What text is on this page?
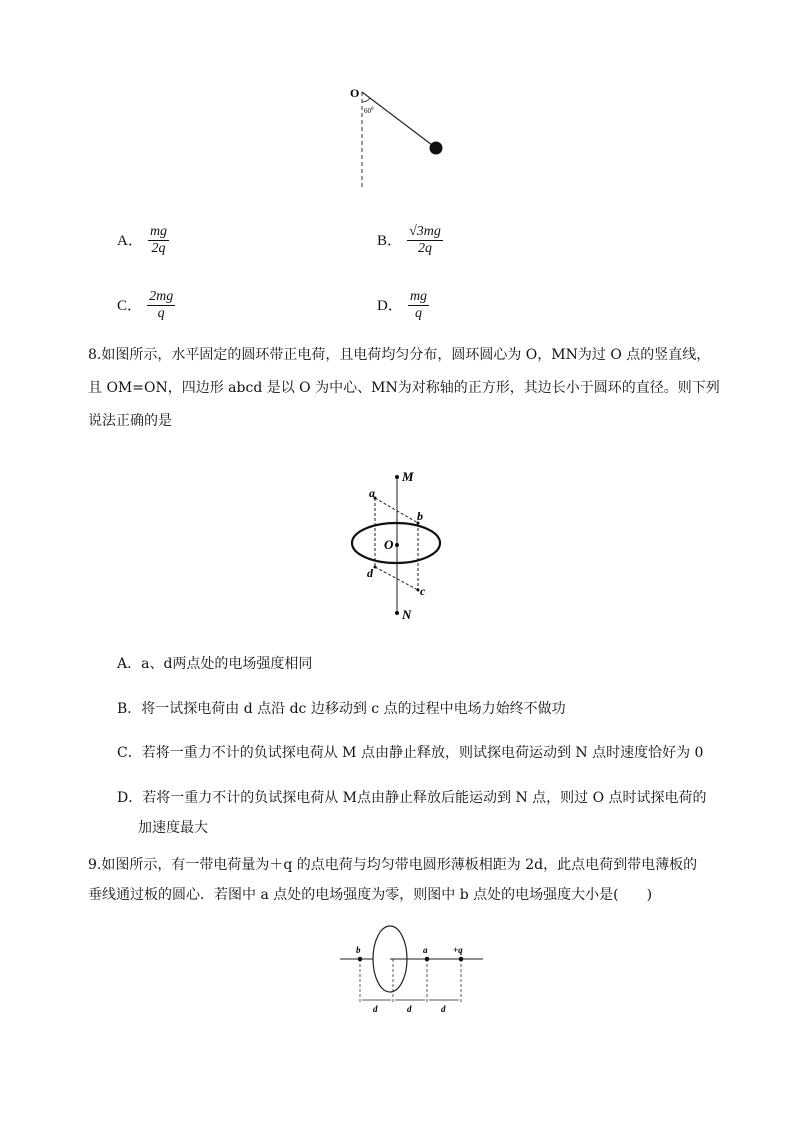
O
$60^0$
A． $\frac{mg}{2q}$	B． $\frac{√3mg}{2q}$
C． $\frac{2mg}{q}$	D． $\frac{mg}{q}$
8.如图所示，水平固定的圆环带正电荷，且电荷均匀分布，圆环圆心为 O，MN为过 O 点的竖直线，
且 OM=ON，四边形 abcd 是以 O 为中心、MN为对称轴的正方形，其边长小于圆环的直径。则下列
说法正确的是
M
N
O
a
b
c
d
A．a、d两点处的电场强度相同
B．将一试探电荷由 d 点沿 dc 边移动到 c 点的过程中电场力始终不做功
C．若将一重力不计的负试探电荷从 M 点由静止释放，则试探电荷运动到 N 点时速度恰好为 0
D．若将一重力不计的负试探电荷从 M点由静止释放后能运动到 N 点，则过 O 点时试探电荷的
加速度最大
9.如图所示，有一带电荷量为＋q 的点电荷与均匀带电圆形薄板相距为 2d，此点电荷到带电薄板的
垂线通过板的圆心．若图中 a 点处的电场强度为零，则图中 b 点处的电场强度大小是(　　)
b	a	+q
d	d	d
